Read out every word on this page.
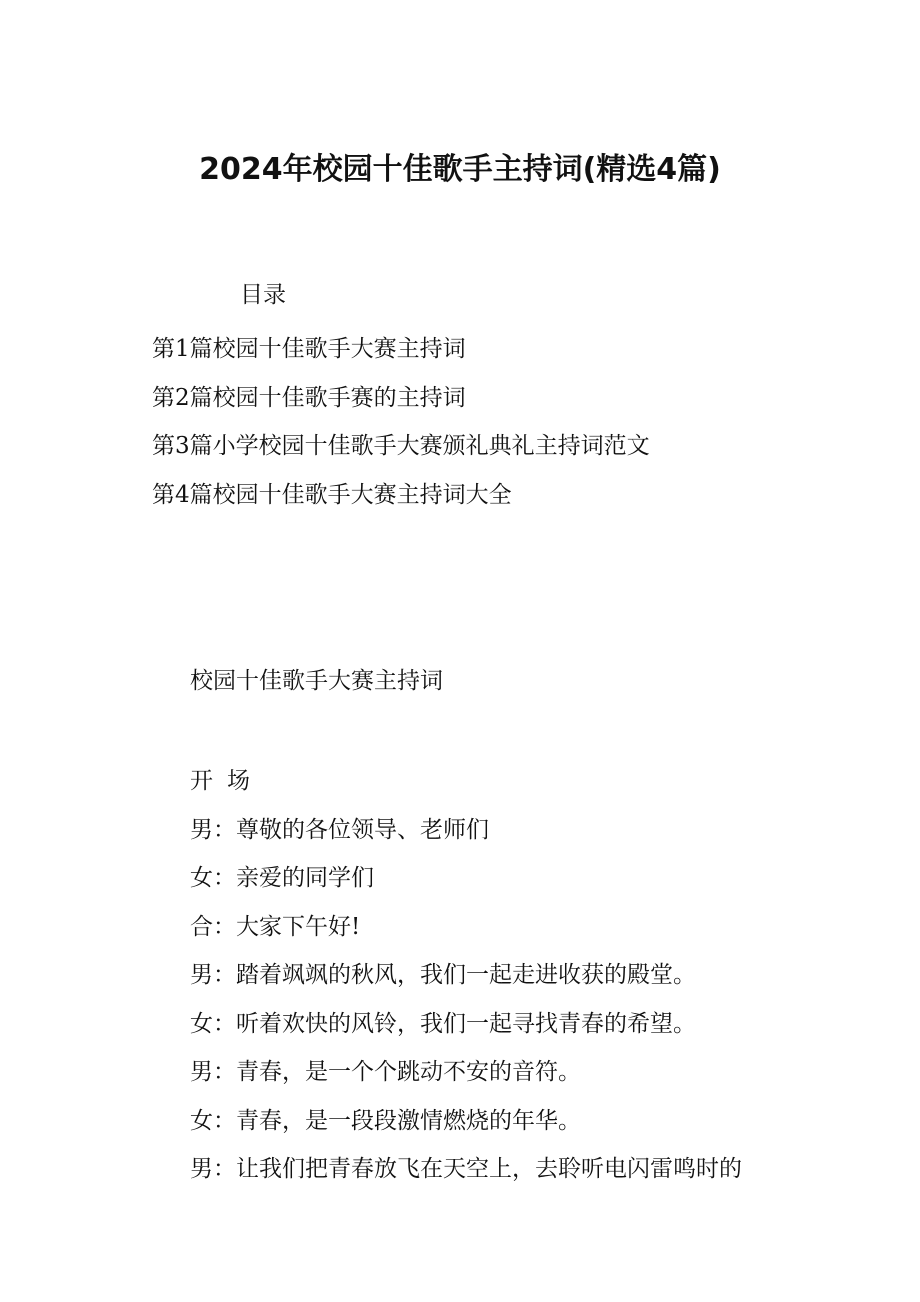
2024年校园十佳歌手主持词(精选4篇)
目录
第1篇校园十佳歌手大赛主持词
第2篇校园十佳歌手赛的主持词
第3篇小学校园十佳歌手大赛颁礼典礼主持词范文
第4篇校园十佳歌手大赛主持词大全
校园十佳歌手大赛主持词
开 场
男：尊敬的各位领导、老师们
女：亲爱的同学们
合：大家下午好!
男：踏着飒飒的秋风，我们一起走进收获的殿堂。
女：听着欢快的风铃，我们一起寻找青春的希望。
男：青春，是一个个跳动不安的音符。
女：青春，是一段段激情燃烧的年华。
男：让我们把青春放飞在天空上，去聆听电闪雷鸣时的
